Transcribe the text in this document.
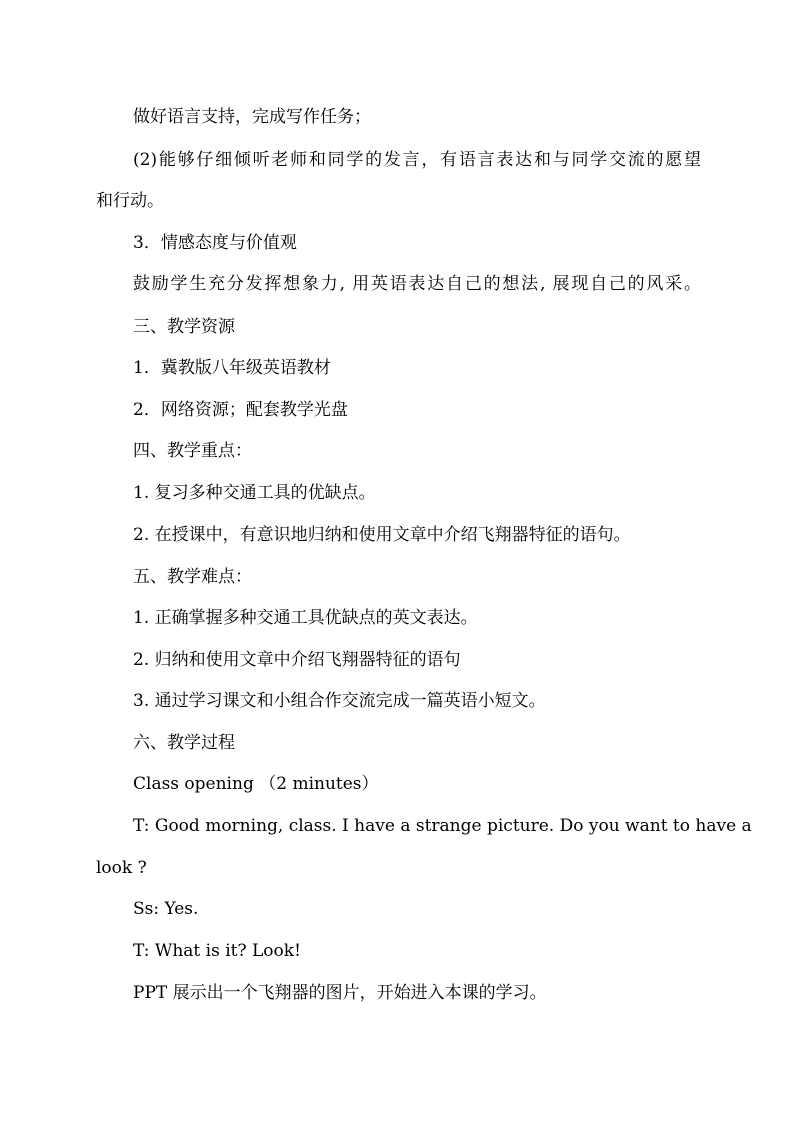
做好语言支持，完成写作任务；
(2)能够仔细倾听老师和同学的发言，有语言表达和与同学交流的愿望
和行动。
3．情感态度与价值观
鼓励学生充分发挥想象力, 用英语表达自己的想法, 展现自己的风采。
三、教学资源
1．冀教版八年级英语教材
2．网络资源；配套教学光盘
四、教学重点：
1. 复习多种交通工具的优缺点。
2. 在授课中，有意识地归纳和使用文章中介绍飞翔器特征的语句。
五、教学难点：
1. 正确掌握多种交通工具优缺点的英文表达。
2. 归纳和使用文章中介绍飞翔器特征的语句
3. 通过学习课文和小组合作交流完成一篇英语小短文。
六、教学过程
Class opening （2 minutes）
T: Good morning, class. I have a strange picture. Do you want to have a
look ?
Ss: Yes.
T: What is it? Look!
PPT 展示出一个飞翔器的图片，开始进入本课的学习。
